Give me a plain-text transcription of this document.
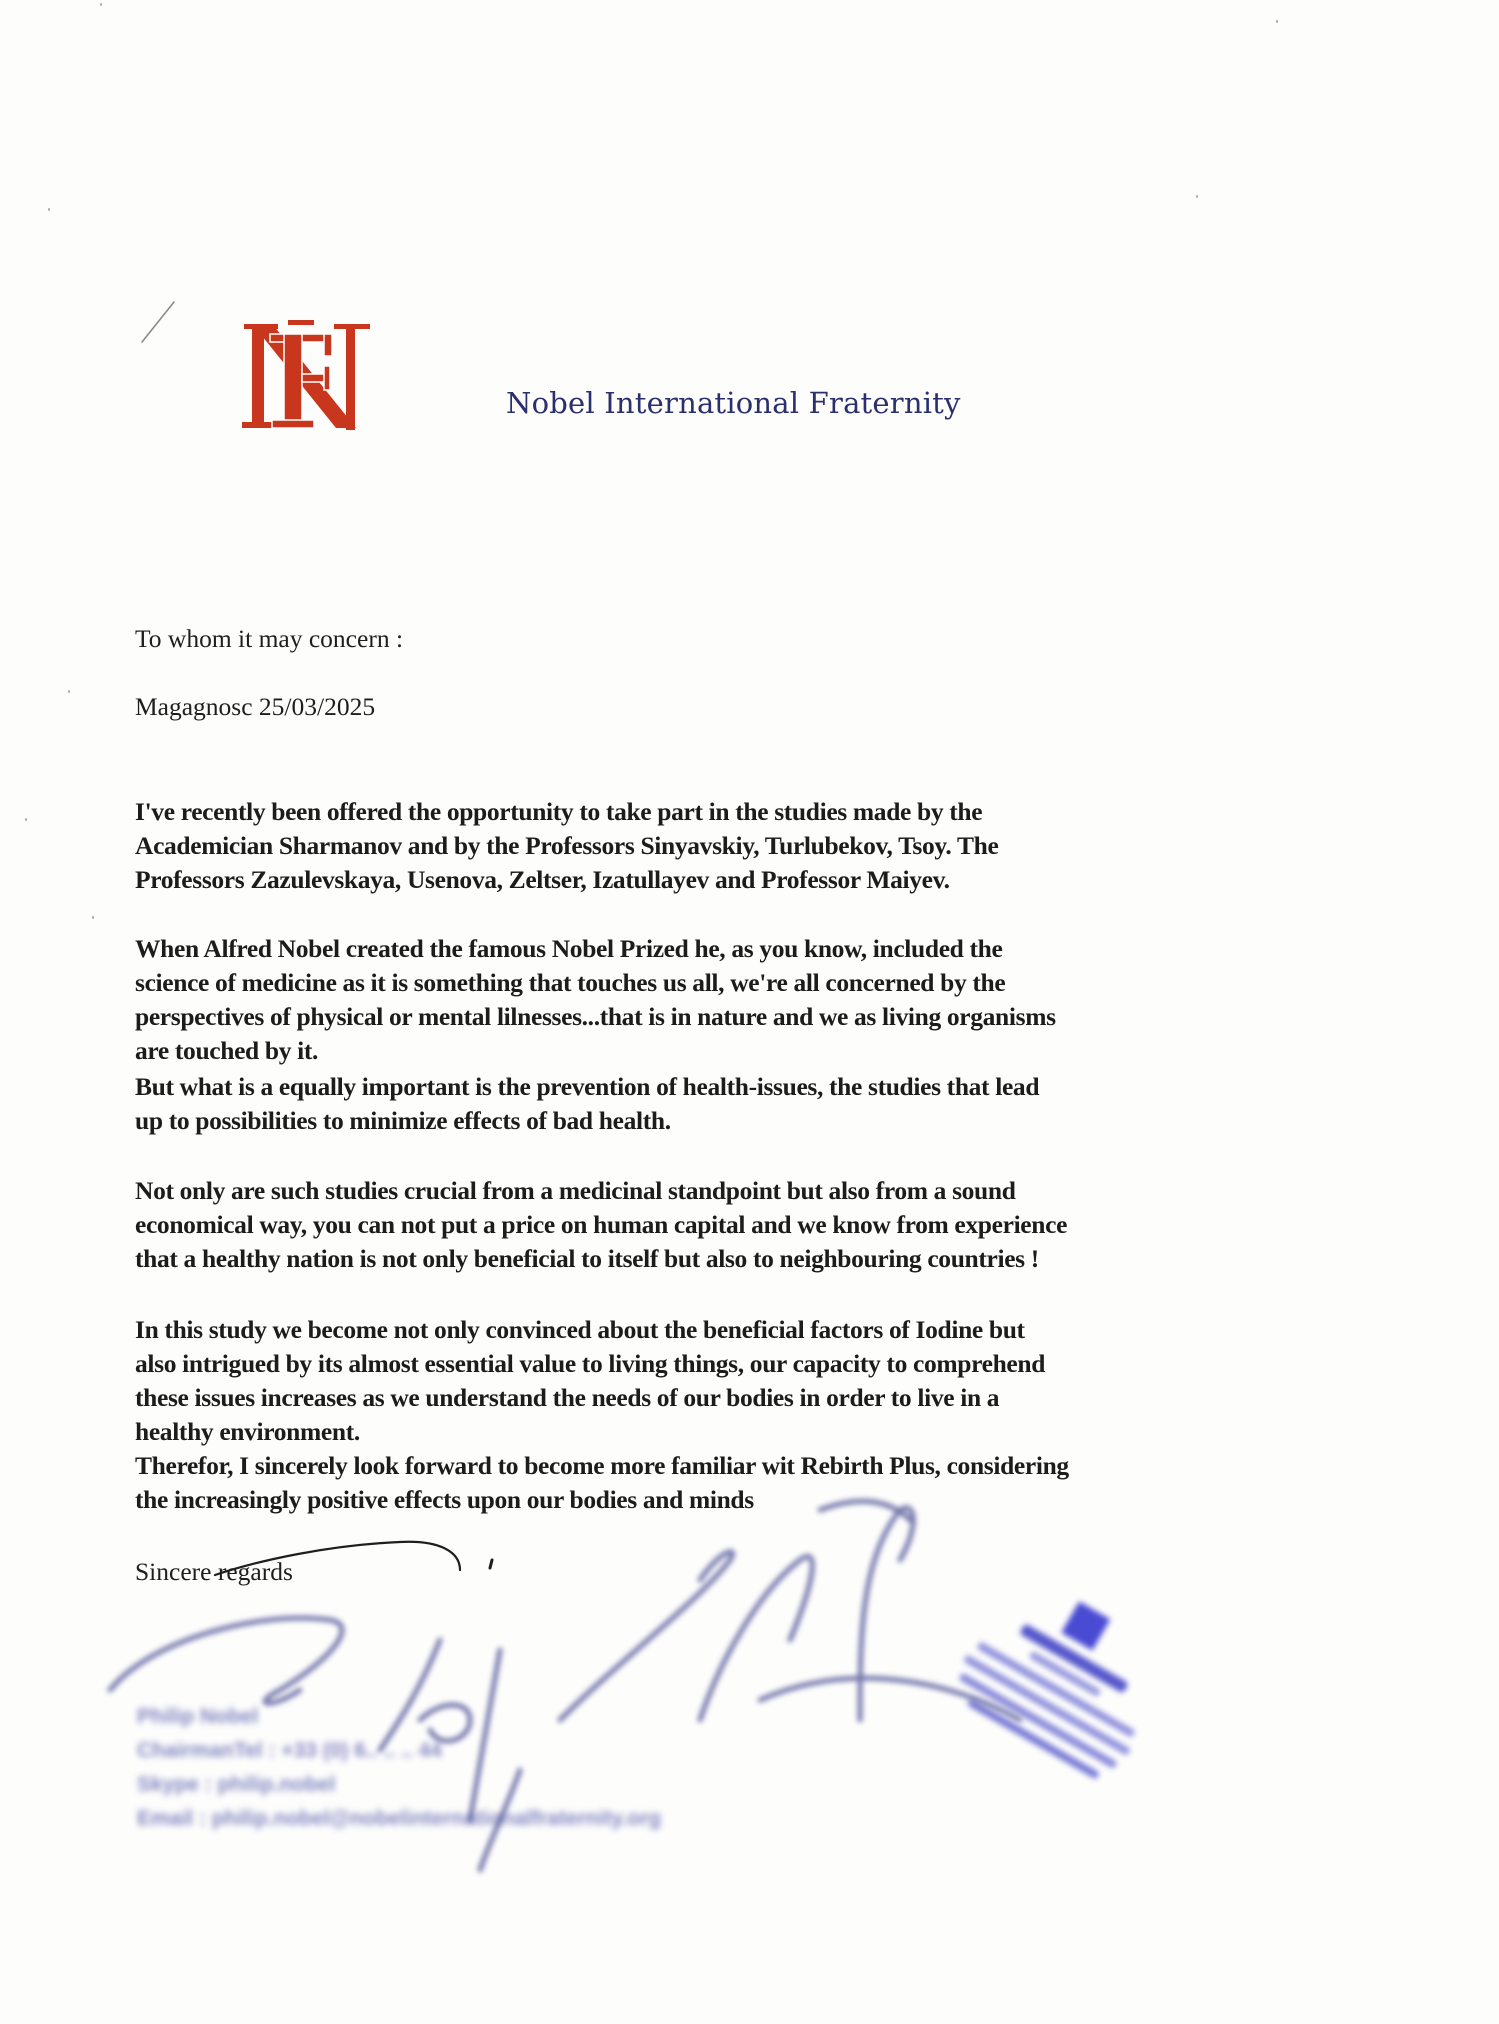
Nobel International Fraternity
To whom it may concern :
Magagnosc 25/03/2025
I've recently been offered the opportunity to take part in the studies made by the
Academician Sharmanov and by the Professors Sinyavskiy, Turlubekov, Tsoy. The
Professors Zazulevskaya, Usenova, Zeltser, Izatullayev and Professor Maiyev.
When Alfred Nobel created the famous Nobel Prized he, as you know, included the
science of medicine as it is something that touches us all, we're all concerned by the
perspectives of physical or mental lilnesses...that is in nature and we as living organisms
are touched by it.
But what is a equally important is the prevention of health-issues, the studies that lead
up to possibilities to minimize effects of bad health.
Not only are such studies crucial from a medicinal standpoint but also from a sound
economical way, you can not put a price on human capital and we know from experience
that a healthy nation is not only beneficial to itself but also to neighbouring countries !
In this study we become not only convinced about the beneficial factors of Iodine but
also intrigued by its almost essential value to living things, our capacity to comprehend
these issues increases as we understand the needs of our bodies in order to live in a
healthy environment.
Therefor, I sincerely look forward to become more familiar wit Rebirth Plus, considering
the increasingly positive effects upon our bodies and minds
Sincere regards
Philip Nobel
ChairmanTel : +33 (0) 6.. .. .. 44
Skype : philip.nobel
Email : philip.nobel@nobelinternationalfraternity.org
